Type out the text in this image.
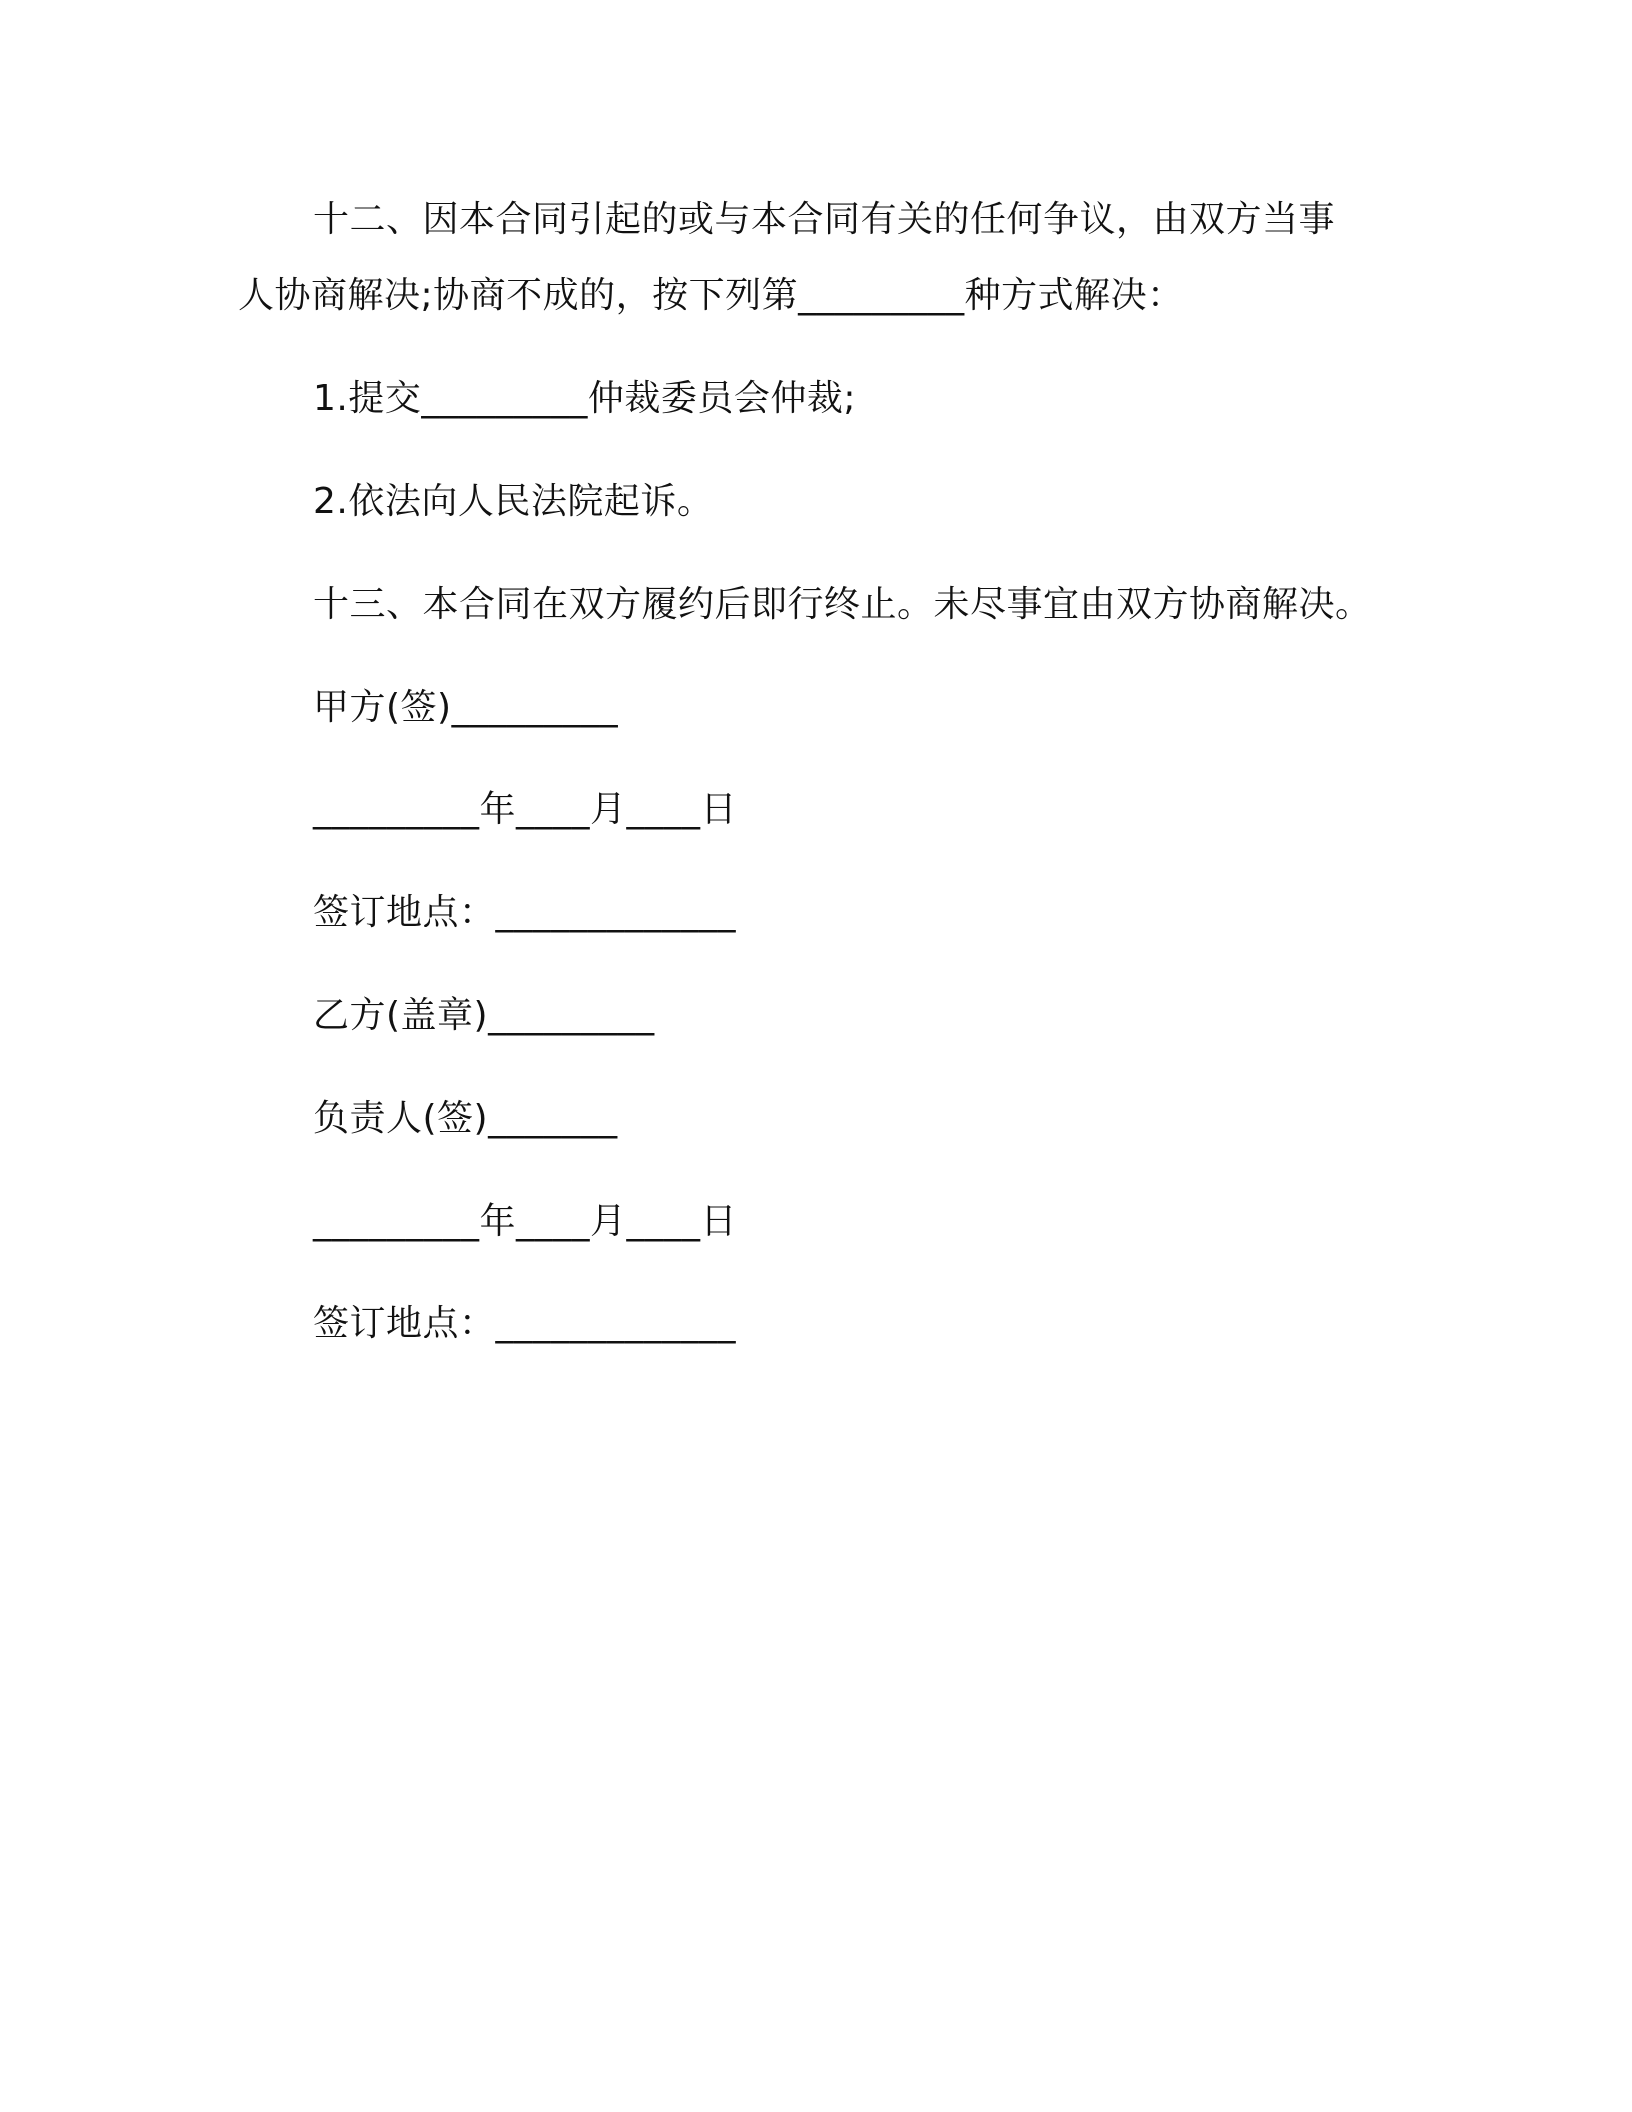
十二、因本合同引起的或与本合同有关的任何争议，由双方当事
人协商解决;协商不成的，按下列第_________种方式解决：
1.提交_________仲裁委员会仲裁;
2.依法向人民法院起诉。
十三、本合同在双方履约后即行终止。未尽事宜由双方协商解决。
甲方(签)_________
_________年____月____日
签订地点：_____________
乙方(盖章)_________
负责人(签)_______
_________年____月____日
签订地点：_____________
